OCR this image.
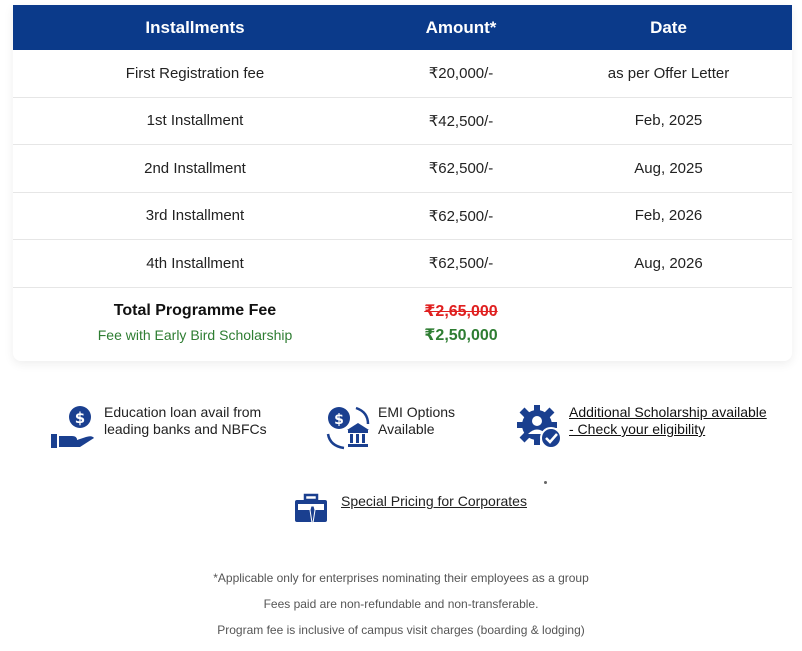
Installments	Amount*	Date
First Registration fee	₹20,000/-	as per Offer Letter
1st Installment	₹42,500/-	Feb, 2025
2nd Installment	₹62,500/-	Aug, 2025
3rd Installment	₹62,500/-	Feb, 2026
4th Installment	₹62,500/-	Aug, 2026
Total Programme Fee	₹2,65,000
Fee with Early Bird Scholarship	₹2,50,000
$ Education loan avail from leading banks and NBFCs
$ EMI Options Available
Additional Scholarship available
- Check your eligibility
Special Pricing for Corporates
*Applicable only for enterprises nominating their employees as a group
Fees paid are non-refundable and non-transferable.
Program fee is inclusive of campus visit charges (boarding & lodging)
